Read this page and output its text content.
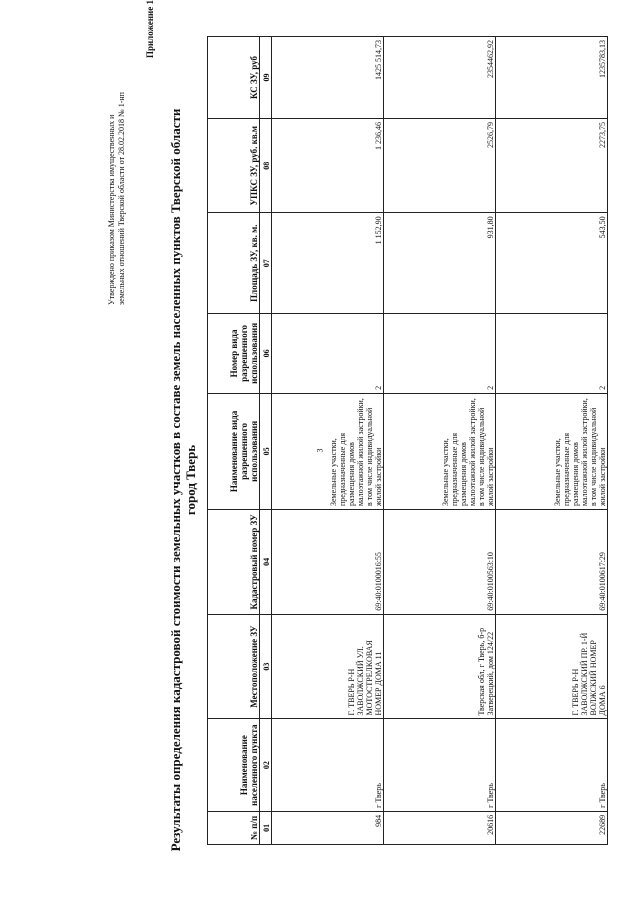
3
Утверждено приказом Министерства имущественных и земельных отношений Тверской области от 28.02.2018 № 1-нп
Приложение 1
Результаты определения кадастровой стоимости земельных участков в составе земель населенных пунктов Тверской области город Тверь
№ п/п	Наименование населенного пункта	Местоположение ЗУ	Кадастровый номер ЗУ	Наименование вида разрешенного использования	Номер вида разрешенного использования	Площадь ЗУ, кв. м.	УПКС ЗУ, руб. кв.м	КС ЗУ, руб
01	02	03	04	05	06	07	08	09
984	г Тверь	Г. ТВЕРЬ Р-Н ЗАВОЛЖСКИЙ УЛ. МОТОСТРЕЛКОВАЯ НОМЕР ДОМА 11	69:40:0100016:55	Земельные участки, предназначенные для размещения домов малоэтажной жилой застройки, в том числе индивидуальной жилой застройки	2	1 152,90	1 236,46	1425 514,73
20616	г Тверь	Тверская обл, г Тверь, б-р Затверецкий, дом 124/22	69:40:0100563:10	Земельные участки, предназначенные для размещения домов малоэтажной жилой застройки, в том числе индивидуальной жилой застройки	2	931,80	2526,79	2354462,92
22689	г Тверь	Г. ТВЕРЬ Р-Н ЗАВОЛЖСКИЙ ПР. 1-Й ВОЛЖСКИЙ НОМЕР ДОМА 6	69:40:0100617:29	Земельные участки, предназначенные для размещения домов малоэтажной жилой застройки, в том числе индивидуальной жилой застройки	2	543,50	2273,75	1235783,13
